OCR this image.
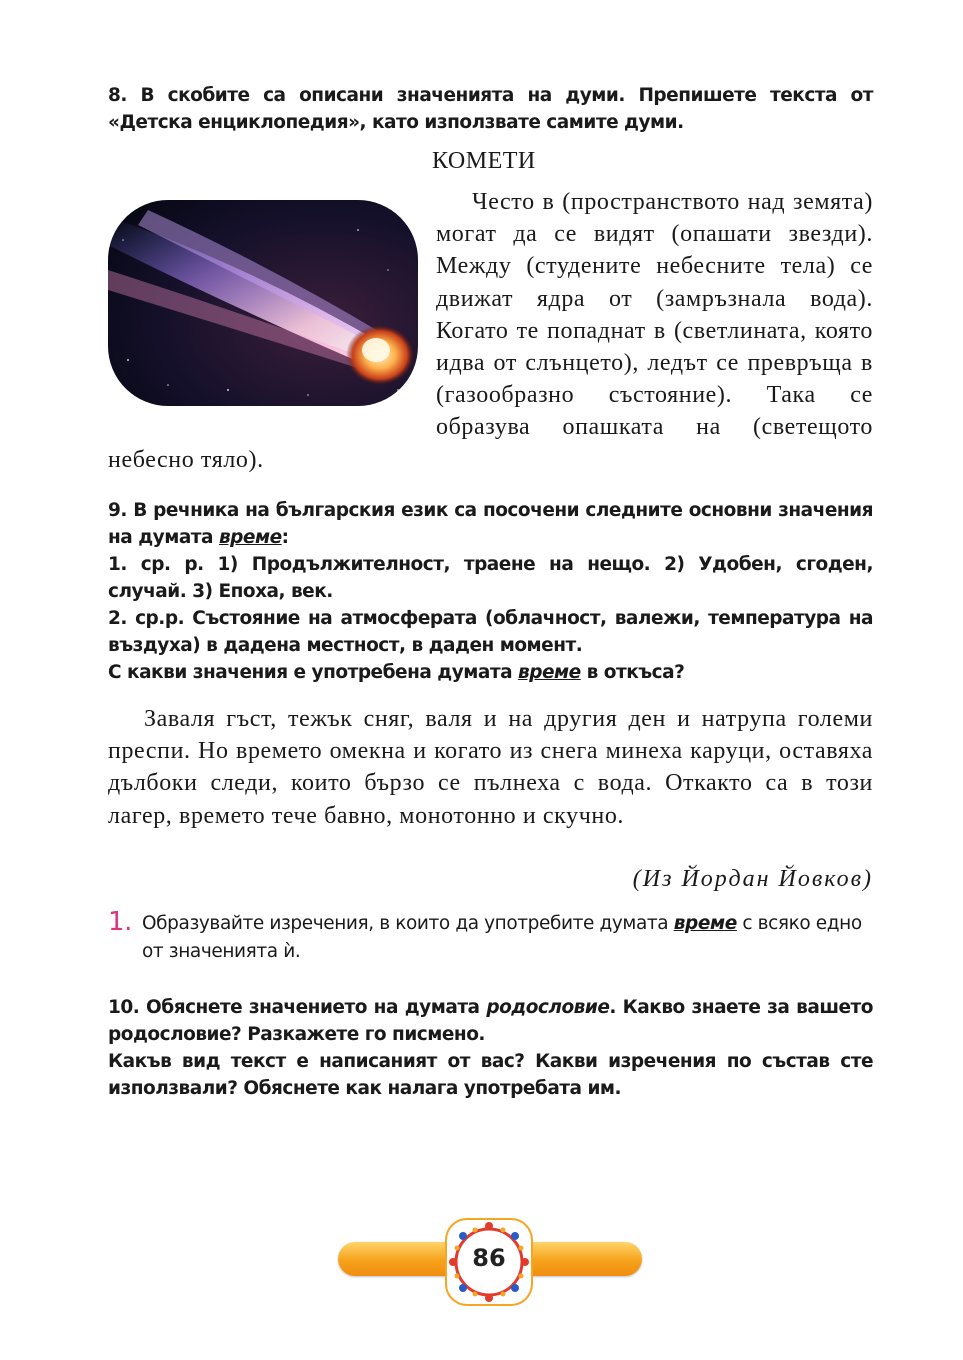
8. В скобите са описани значенията на думи. Препишете текста от «Детска енциклопедия», като използвате самите думи.

КОМЕТИ

Често в (пространството над земята) могат да се видят (опашати звезди). Между (студените небесните тела) се движат ядра от (замръзнала вода). Когато те попаднат в (светлината, която идва от слънцето), ледът се превръща в (газообразно състояние). Така се образува опашката на (светещото небесно тяло).

9. В речника на българския език са посочени следните основни значения на думата време:

1. ср. р. 1) Продължителност, траене на нещо. 2) Удобен, сгоден, случай. 3) Епоха, век.

2. ср.р. Състояние на атмосферата (облачност, валежи, температура на въздуха) в дадена местност, в даден момент.

С какви значения е употребена думата време в откъса?

Заваля гъст, тежък сняг, валя и на другия ден и натрупа големи преспи. Но времето омекна и когато из снега минеха каруци, оставяха дълбоки следи, които бързо се пълнеха с вода. Откакто са в този лагер, времето тече бавно, монотонно и скучно.

(Из Йордан Йовков)
1. Образувайте изречения, в които да употребите думата време с всяко едно от значенията ѝ.

10. Обяснете значението на думата родословие. Какво знаете за вашето родословие? Разкажете го писмено.

Какъв вид текст е написаният от вас? Какви изречения по състав сте използвали? Обяснете как налага употребата им.

86
